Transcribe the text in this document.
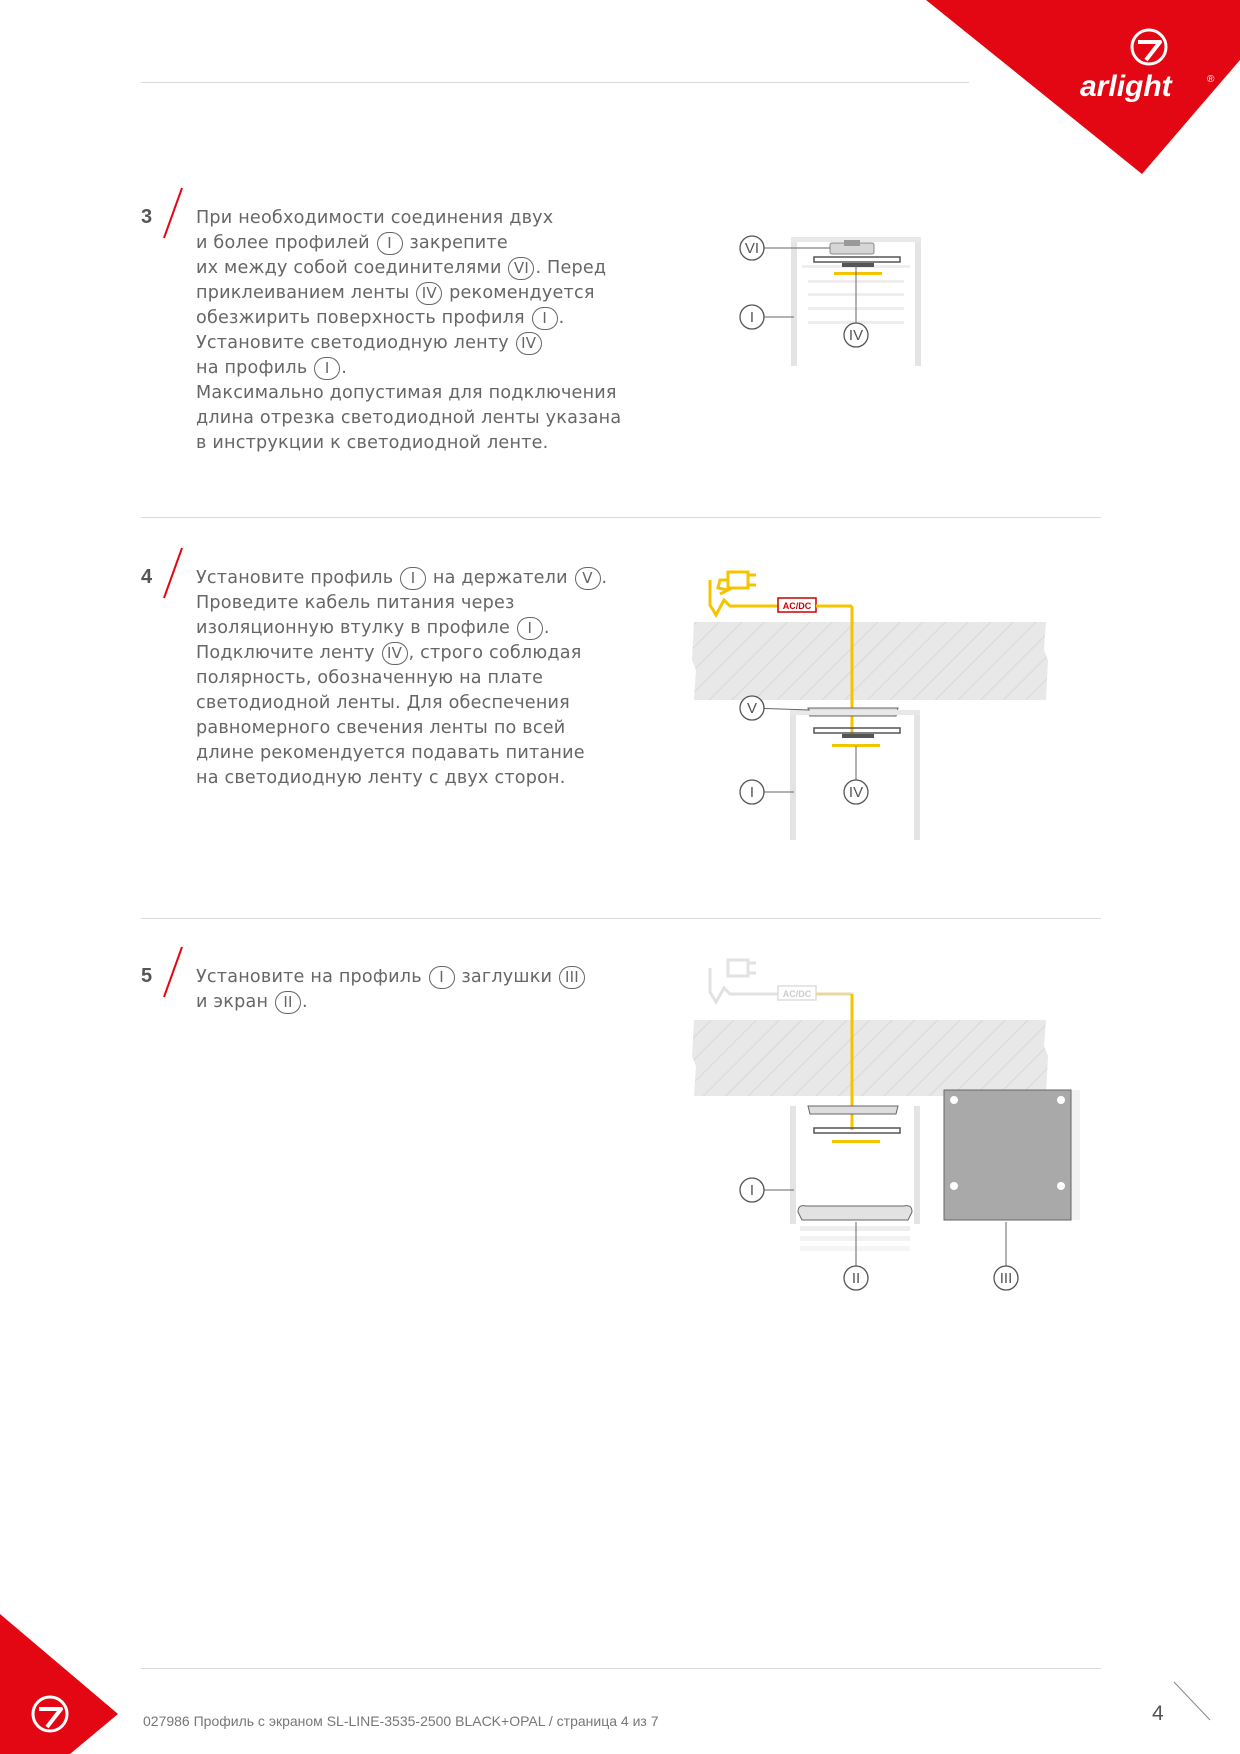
arlight	®
3 При необходимости соединения двух
и более профилей I закрепите
их между собой соединителями VI . Перед
приклеиванием ленты IV рекомендуется
обезжирить поверхность профиля I .
Установите светодиодную ленту IV
на профиль I .
Максимально допустимая для подключения
длина отрезка светодиодной ленты указана
в инструкции к светодиодной ленте.
VI
I
IV
4 Установите профиль I на держатели V .
Проведите кабель питания через
изоляционную втулку в профиле I .
Подключите ленту IV , строго соблюдая
полярность, обозначенную на плате
светодиодной ленты. Для обеспечения
равномерного свечения ленты по всей
длине рекомендуется подавать питание
на светодиодную ленту с двух сторон.
AC/DC
V
I	IV
5 Установите на профиль I заглушки III
и экран II .	AC/DC
I
II	III
027986 Профиль с экраном SL-LINE-3535-2500 BLACK+OPAL / страница 4 из 7	4
